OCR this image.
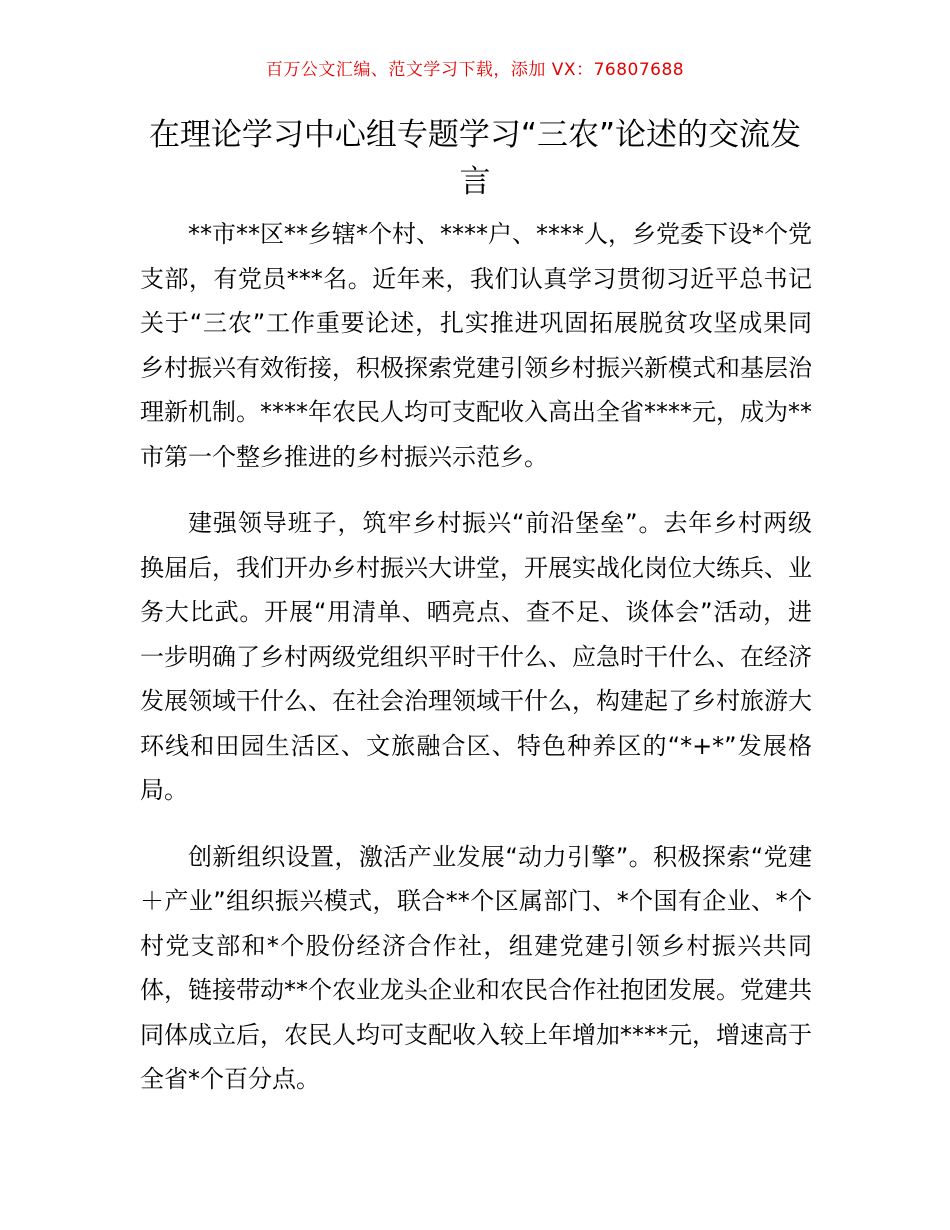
百万公文汇编、范文学习下载，添加 VX：76807688
在理论学习中心组专题学习“三农”论述的交流发言

**市**区**乡辖*个村、****户、****人，乡党委下设*个党支部，有党员***名。近年来，我们认真学习贯彻习近平总书记关于“三农”工作重要论述，扎实推进巩固拓展脱贫攻坚成果同乡村振兴有效衔接，积极探索党建引领乡村振兴新模式和基层治理新机制。****年农民人均可支配收入高出全省****元，成为**市第一个整乡推进的乡村振兴示范乡。

建强领导班子，筑牢乡村振兴“前沿堡垒”。去年乡村两级换届后，我们开办乡村振兴大讲堂，开展实战化岗位大练兵、业务大比武。开展“用清单、晒亮点、查不足、谈体会”活动，进一步明确了乡村两级党组织平时干什么、应急时干什么、在经济发展领域干什么、在社会治理领域干什么，构建起了乡村旅游大环线和田园生活区、文旅融合区、特色种养区的“*+*”发展格局。

创新组织设置，激活产业发展“动力引擎”。积极探索“党建＋产业”组织振兴模式，联合**个区属部门、*个国有企业、*个村党支部和*个股份经济合作社，组建党建引领乡村振兴共同体，链接带动**个农业龙头企业和农民合作社抱团发展。党建共同体成立后，农民人均可支配收入较上年增加****元，增速高于全省*个百分点。
